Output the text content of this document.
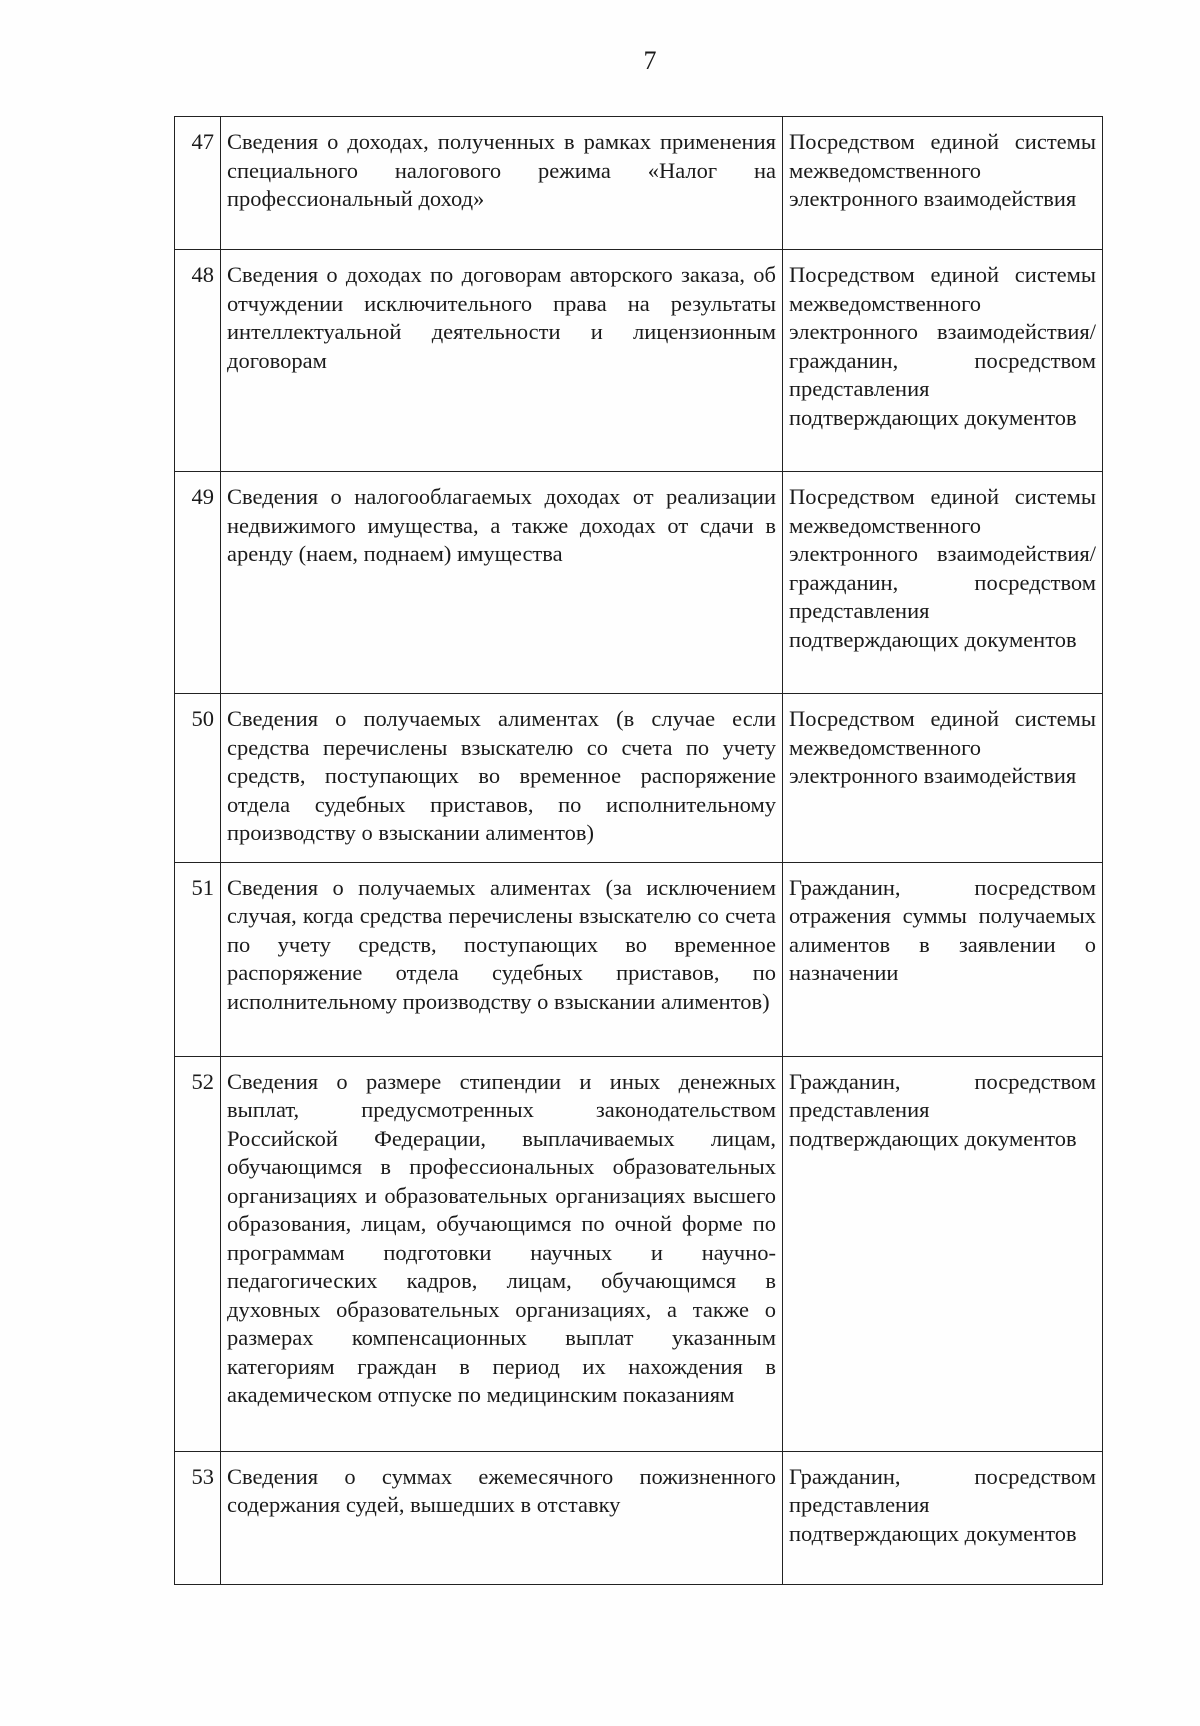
7
47	Сведения о доходах, полученных в рамках применения специального налогового режима «Налог на профессиональный доход»	Посредством единой системы межведомственного электронного взаимодействия
48	Сведения о доходах по договорам авторского заказа, об отчуждении исключительного права на результаты интеллектуальной деятельности и лицензионным договорам	Посредством единой системы межведомственного электронного взаимодействия/гражданин, посредством представления подтверждающих документов
49	Сведения о налогооблагаемых доходах от реализации недвижимого имущества, а также доходах от сдачи в аренду (наем, поднаем) имущества	Посредством единой системы межведомственного электронного взаимодействия/гражданин, посредством представления подтверждающих документов
50	Сведения о получаемых алиментах (в случае если средства перечислены взыскателю со счета по учету средств, поступающих во временное распоряжение отдела судебных приставов, по исполнительному производству о взыскании алиментов)	Посредством единой системы межведомственного электронного взаимодействия
51	Сведения о получаемых алиментах (за исключением случая, когда средства перечислены взыскателю со счета по учету средств, поступающих во временное распоряжение отдела судебных приставов, по исполнительному производству о взыскании алиментов)	Гражданин, посредством отражения суммы получаемых алиментов в заявлении о назначении
52	Сведения о размере стипендии и иных денежных выплат, предусмотренных законодательством Российской Федерации, выплачиваемых лицам, обучающимся в профессиональных образовательных организациях и образовательных организациях высшего образования, лицам, обучающимся по очной форме по программам подготовки научных и научно-педагогических кадров, лицам, обучающимся в духовных образовательных организациях, а также о размерах компенсационных выплат указанным категориям граждан в период их нахождения в академическом отпуске по медицинским показаниям	Гражданин, посредством представления подтверждающих документов
53	Сведения о суммах ежемесячного пожизненного содержания судей, вышедших в отставку	Гражданин, посредством представления подтверждающих документов
